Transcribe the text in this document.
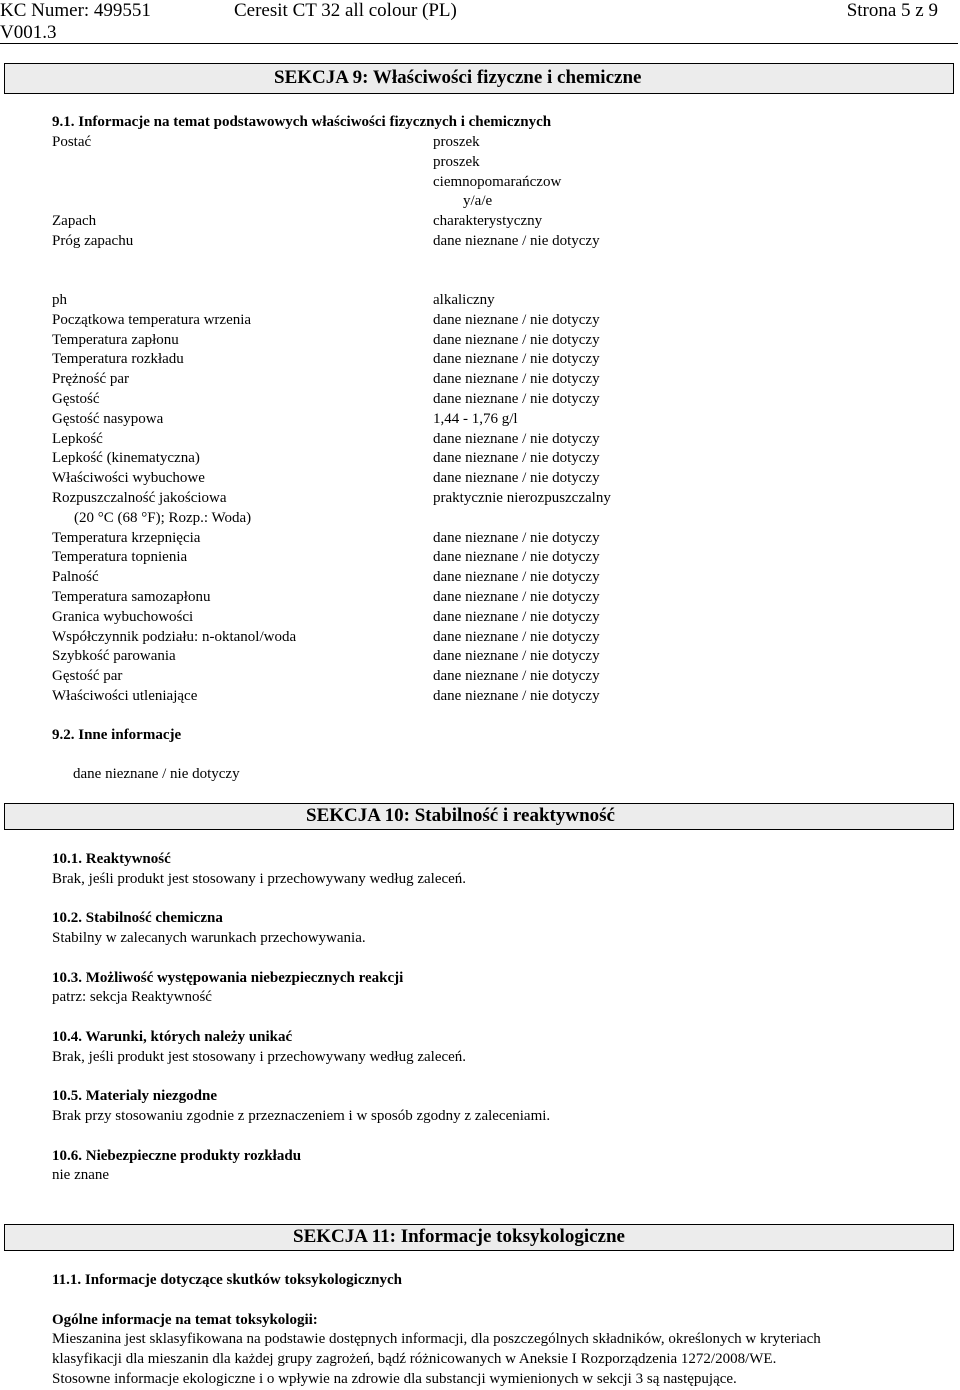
KC Numer: 499551
V001.3
Ceresit CT 32 all colour (PL)	Strona 5 z 9
SEKCJA 9: Właściwości fizyczne i chemiczne
9.1. Informacje na temat podstawowych właściwości fizycznych i chemicznych
Postać	proszek
proszek
ciemnopomarańczow
y/a/e
Zapach	charakterystyczny
Próg zapachu	dane nieznane / nie dotyczy
ph	alkaliczny
Początkowa temperatura wrzenia	dane nieznane / nie dotyczy
Temperatura zapłonu	dane nieznane / nie dotyczy
Temperatura rozkładu	dane nieznane / nie dotyczy
Prężność par	dane nieznane / nie dotyczy
Gęstość	dane nieznane / nie dotyczy
Gęstość nasypowa	1,44 - 1,76 g/l
Lepkość	dane nieznane / nie dotyczy
Lepkość (kinematyczna)	dane nieznane / nie dotyczy
Właściwości wybuchowe	dane nieznane / nie dotyczy
Rozpuszczalność jakościowa	praktycznie nierozpuszczalny
(20 °C (68 °F); Rozp.: Woda)
Temperatura krzepnięcia	dane nieznane / nie dotyczy
Temperatura topnienia	dane nieznane / nie dotyczy
Palność	dane nieznane / nie dotyczy
Temperatura samozapłonu	dane nieznane / nie dotyczy
Granica wybuchowości	dane nieznane / nie dotyczy
Współczynnik podziału: n-oktanol/woda	dane nieznane / nie dotyczy
Szybkość parowania	dane nieznane / nie dotyczy
Gęstość par	dane nieznane / nie dotyczy
Właściwości utleniające	dane nieznane / nie dotyczy
9.2. Inne informacje
dane nieznane / nie dotyczy
SEKCJA 10: Stabilność i reaktywność
10.1. Reaktywność
Brak, jeśli produkt jest stosowany i przechowywany według zaleceń.
10.2. Stabilność chemiczna
Stabilny w zalecanych warunkach przechowywania.
10.3. Możliwość występowania niebezpiecznych reakcji
patrz: sekcja Reaktywność
10.4. Warunki, których należy unikać
Brak, jeśli produkt jest stosowany i przechowywany według zaleceń.
10.5. Materialy niezgodne
Brak przy stosowaniu zgodnie z przeznaczeniem i w sposób zgodny z zaleceniami.
10.6. Niebezpieczne produkty rozkładu
nie znane
SEKCJA 11: Informacje toksykologiczne
11.1. Informacje dotyczące skutków toksykologicznych
Ogólne informacje na temat toksykologii:
Mieszanina jest sklasyfikowana na podstawie dostępnych informacji, dla poszczególnych składników, określonych w kryteriach
klasyfikacji dla mieszanin dla każdej grupy zagrożeń, bądź różnicowanych w Aneksie I Rozporządzenia 1272/2008/WE.
Stosowne informacje ekologiczne i o wpływie na zdrowie dla substancji wymienionych w sekcji 3 są następujące.
